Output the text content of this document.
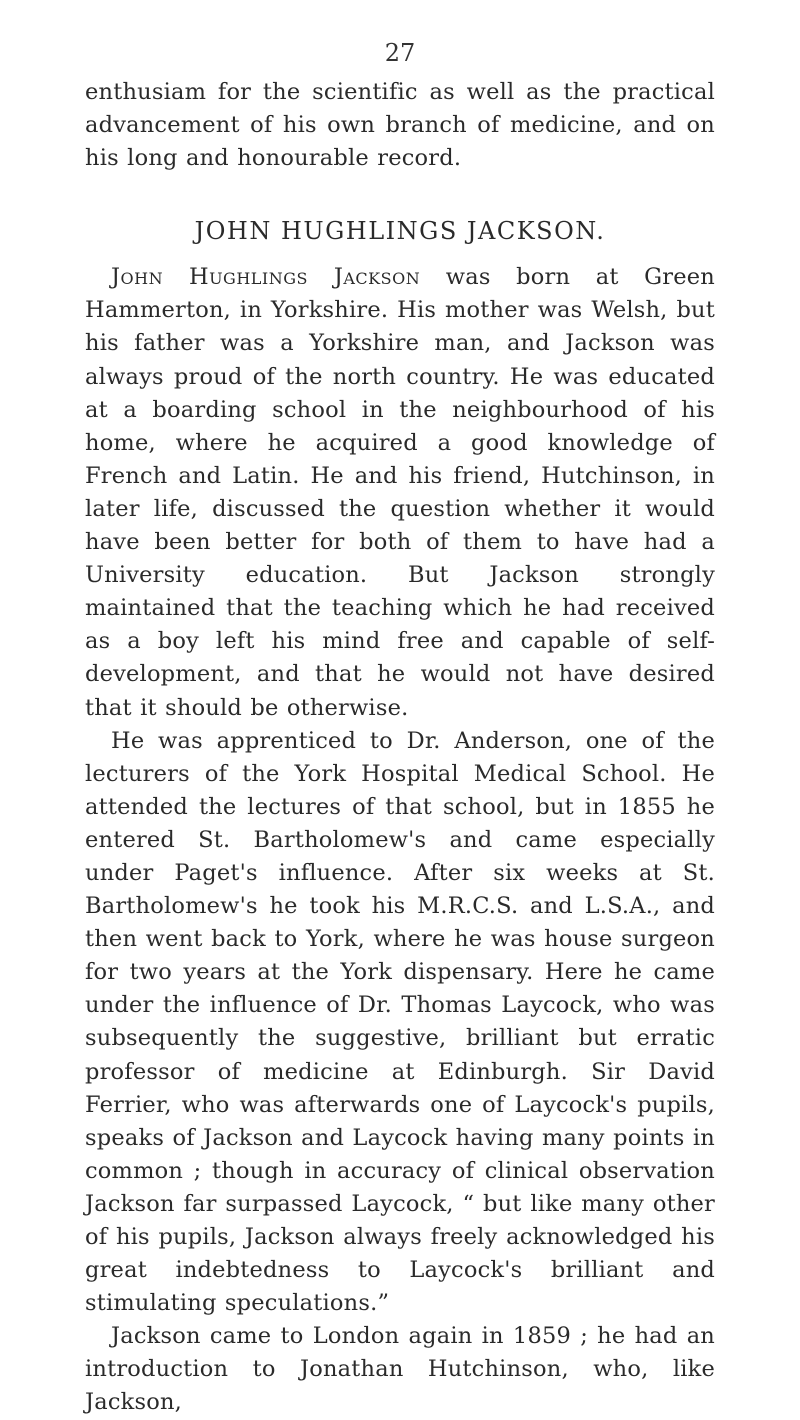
27

enthusiam for the scientific as well as the practical advancement of his own branch of medicine, and on his long and honourable record.

JOHN HUGHLINGS JACKSON.

John Hughlings Jackson was born at Green Hammerton, in Yorkshire. His mother was Welsh, but his father was a Yorkshire man, and Jackson was always proud of the north country. He was educated at a boarding school in the neighbourhood of his home, where he acquired a good knowledge of French and Latin. He and his friend, Hutchinson, in later life, discussed the question whether it would have been better for both of them to have had a University education. But Jackson strongly maintained that the teaching which he had received as a boy left his mind free and capable of self-development, and that he would not have desired that it should be otherwise.

He was apprenticed to Dr. Anderson, one of the lecturers of the York Hospital Medical School. He attended the lectures of that school, but in 1855 he entered St. Bartholomew's and came especially under Paget's influence. After six weeks at St. Bartholomew's he took his M.R.C.S. and L.S.A., and then went back to York, where he was house surgeon for two years at the York dispensary. Here he came under the influence of Dr. Thomas Laycock, who was subsequently the suggestive, brilliant but erratic professor of medicine at Edinburgh. Sir David Ferrier, who was afterwards one of Laycock's pupils, speaks of Jackson and Laycock having many points in common ; though in accuracy of clinical observation Jackson far surpassed Laycock, “ but like many other of his pupils, Jackson always freely acknowledged his great indebtedness to Laycock's brilliant and stimulating speculations.”

Jackson came to London again in 1859 ; he had an introduction to Jonathan Hutchinson, who, like Jackson,
